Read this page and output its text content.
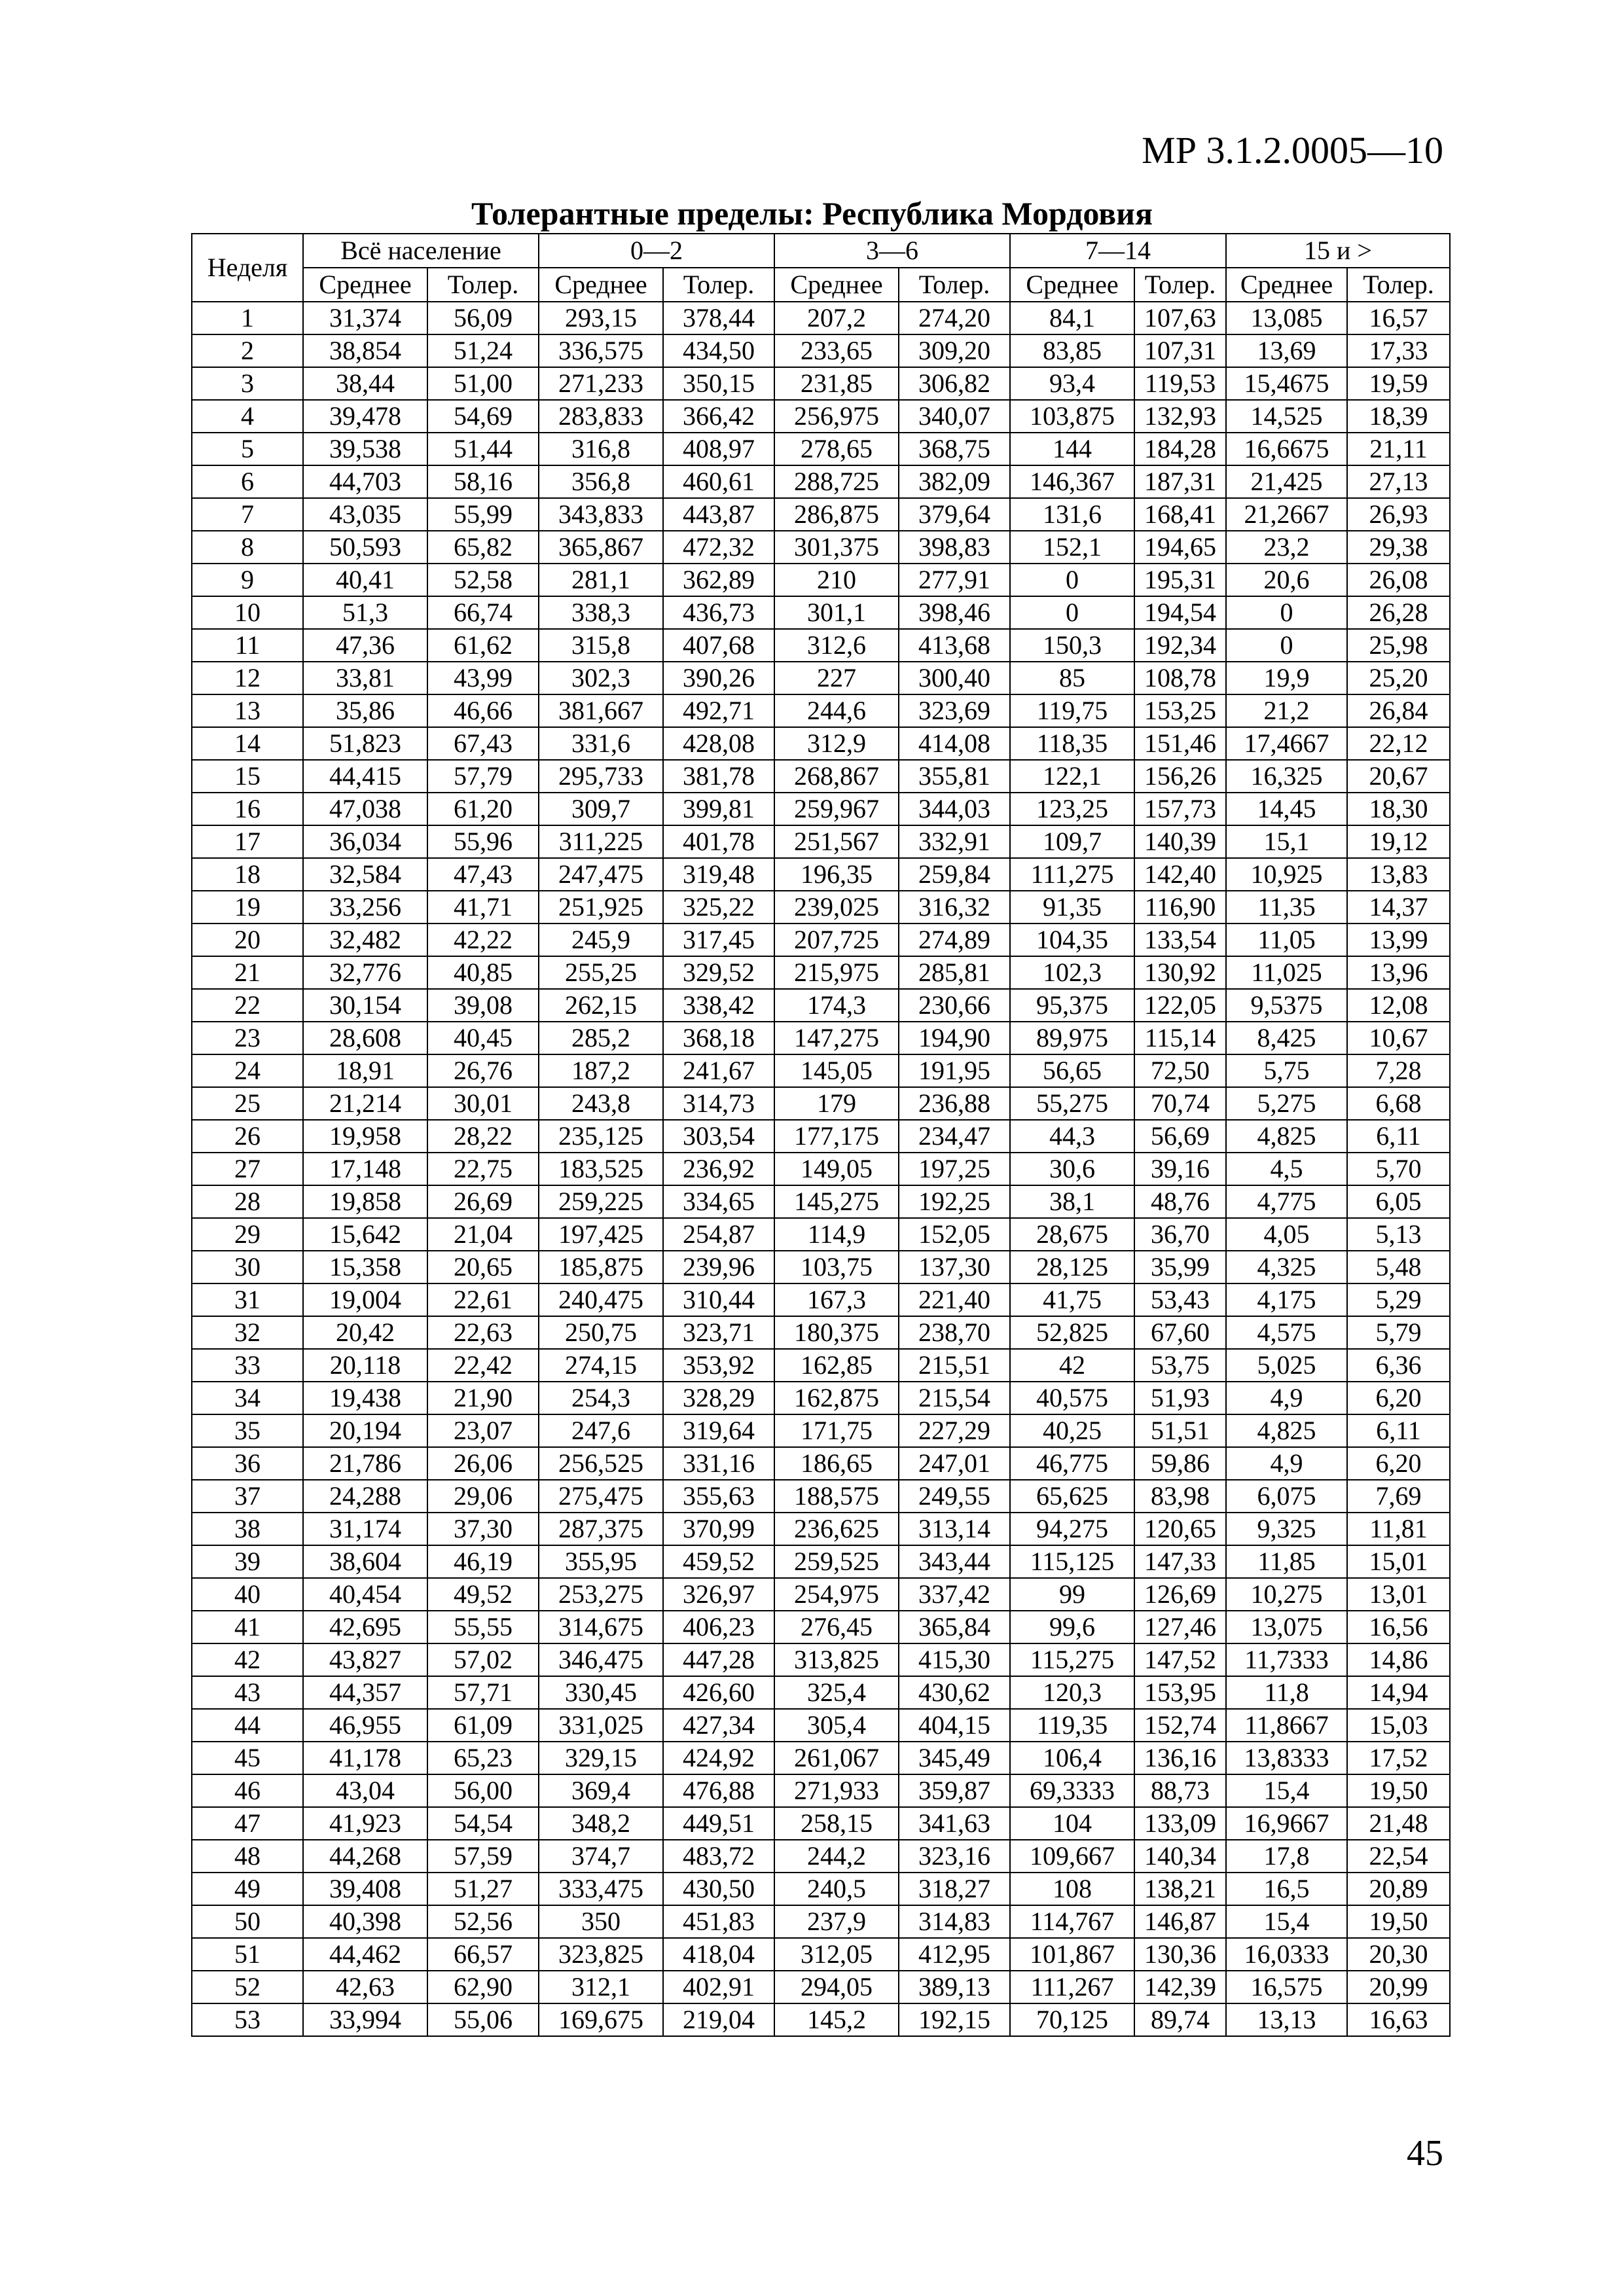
МР 3.1.2.0005—10
Толерантные пределы: Республика Мордовия
Неделя	Всё население		0—2		3—6		7—14		15 и >	
	Среднее	Толер.	Среднее	Толер.	Среднее	Толер.	Среднее	Толер.	Среднее	Толер.
1	31,374	56,09	293,15	378,44	207,2	274,20	84,1	107,63	13,085	16,57
2	38,854	51,24	336,575	434,50	233,65	309,20	83,85	107,31	13,69	17,33
3	38,44	51,00	271,233	350,15	231,85	306,82	93,4	119,53	15,4675	19,59
4	39,478	54,69	283,833	366,42	256,975	340,07	103,875	132,93	14,525	18,39
5	39,538	51,44	316,8	408,97	278,65	368,75	144	184,28	16,6675	21,11
6	44,703	58,16	356,8	460,61	288,725	382,09	146,367	187,31	21,425	27,13
7	43,035	55,99	343,833	443,87	286,875	379,64	131,6	168,41	21,2667	26,93
8	50,593	65,82	365,867	472,32	301,375	398,83	152,1	194,65	23,2	29,38
9	40,41	52,58	281,1	362,89	210	277,91	0	195,31	20,6	26,08
10	51,3	66,74	338,3	436,73	301,1	398,46	0	194,54	0	26,28
11	47,36	61,62	315,8	407,68	312,6	413,68	150,3	192,34	0	25,98
12	33,81	43,99	302,3	390,26	227	300,40	85	108,78	19,9	25,20
13	35,86	46,66	381,667	492,71	244,6	323,69	119,75	153,25	21,2	26,84
14	51,823	67,43	331,6	428,08	312,9	414,08	118,35	151,46	17,4667	22,12
15	44,415	57,79	295,733	381,78	268,867	355,81	122,1	156,26	16,325	20,67
16	47,038	61,20	309,7	399,81	259,967	344,03	123,25	157,73	14,45	18,30
17	36,034	55,96	311,225	401,78	251,567	332,91	109,7	140,39	15,1	19,12
18	32,584	47,43	247,475	319,48	196,35	259,84	111,275	142,40	10,925	13,83
19	33,256	41,71	251,925	325,22	239,025	316,32	91,35	116,90	11,35	14,37
20	32,482	42,22	245,9	317,45	207,725	274,89	104,35	133,54	11,05	13,99
21	32,776	40,85	255,25	329,52	215,975	285,81	102,3	130,92	11,025	13,96
22	30,154	39,08	262,15	338,42	174,3	230,66	95,375	122,05	9,5375	12,08
23	28,608	40,45	285,2	368,18	147,275	194,90	89,975	115,14	8,425	10,67
24	18,91	26,76	187,2	241,67	145,05	191,95	56,65	72,50	5,75	7,28
25	21,214	30,01	243,8	314,73	179	236,88	55,275	70,74	5,275	6,68
26	19,958	28,22	235,125	303,54	177,175	234,47	44,3	56,69	4,825	6,11
27	17,148	22,75	183,525	236,92	149,05	197,25	30,6	39,16	4,5	5,70
28	19,858	26,69	259,225	334,65	145,275	192,25	38,1	48,76	4,775	6,05
29	15,642	21,04	197,425	254,87	114,9	152,05	28,675	36,70	4,05	5,13
30	15,358	20,65	185,875	239,96	103,75	137,30	28,125	35,99	4,325	5,48
31	19,004	22,61	240,475	310,44	167,3	221,40	41,75	53,43	4,175	5,29
32	20,42	22,63	250,75	323,71	180,375	238,70	52,825	67,60	4,575	5,79
33	20,118	22,42	274,15	353,92	162,85	215,51	42	53,75	5,025	6,36
34	19,438	21,90	254,3	328,29	162,875	215,54	40,575	51,93	4,9	6,20
35	20,194	23,07	247,6	319,64	171,75	227,29	40,25	51,51	4,825	6,11
36	21,786	26,06	256,525	331,16	186,65	247,01	46,775	59,86	4,9	6,20
37	24,288	29,06	275,475	355,63	188,575	249,55	65,625	83,98	6,075	7,69
38	31,174	37,30	287,375	370,99	236,625	313,14	94,275	120,65	9,325	11,81
39	38,604	46,19	355,95	459,52	259,525	343,44	115,125	147,33	11,85	15,01
40	40,454	49,52	253,275	326,97	254,975	337,42	99	126,69	10,275	13,01
41	42,695	55,55	314,675	406,23	276,45	365,84	99,6	127,46	13,075	16,56
42	43,827	57,02	346,475	447,28	313,825	415,30	115,275	147,52	11,7333	14,86
43	44,357	57,71	330,45	426,60	325,4	430,62	120,3	153,95	11,8	14,94
44	46,955	61,09	331,025	427,34	305,4	404,15	119,35	152,74	11,8667	15,03
45	41,178	65,23	329,15	424,92	261,067	345,49	106,4	136,16	13,8333	17,52
46	43,04	56,00	369,4	476,88	271,933	359,87	69,3333	88,73	15,4	19,50
47	41,923	54,54	348,2	449,51	258,15	341,63	104	133,09	16,9667	21,48
48	44,268	57,59	374,7	483,72	244,2	323,16	109,667	140,34	17,8	22,54
49	39,408	51,27	333,475	430,50	240,5	318,27	108	138,21	16,5	20,89
50	40,398	52,56	350	451,83	237,9	314,83	114,767	146,87	15,4	19,50
51	44,462	66,57	323,825	418,04	312,05	412,95	101,867	130,36	16,0333	20,30
52	42,63	62,90	312,1	402,91	294,05	389,13	111,267	142,39	16,575	20,99
53	33,994	55,06	169,675	219,04	145,2	192,15	70,125	89,74	13,13	16,63
45
